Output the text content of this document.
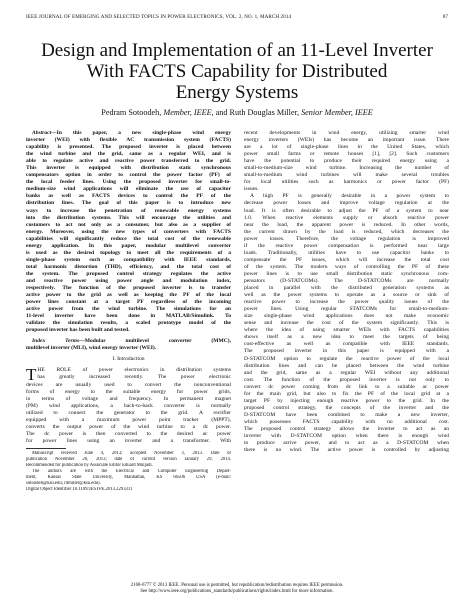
IEEE JOURNAL OF EMERGING AND SELECTED TOPICS IN POWER ELECTRONICS, VOL. 2, NO. 1, MARCH 2014	87
Design and Implementation of an 11-Level Inverter
With FACTS Capability for Distributed
Energy Systems
Pedram Sotoodeh, Member, IEEE, and Ruth Douglas Miller, Senior Member, IEEE
Abstract—In this paper, a new single-phase wind energy
inverter (WEI) with flexible AC transmission system (FACTS)
capability is presented. The proposed inverter is placed between
the wind turbine and the grid, same as a regular WEI, and is
able to regulate active and reactive power transferred to the grid.
This inverter is equipped with distribution static synchronous
compensators option in order to control the power factor (PF) of
the local feeder lines. Using the proposed inverter for small-to-
medium-size wind applications will eliminate the use of capacitor
banks as well as FACTS devices to control the PF of the
distribution lines. The goal of this paper is to introduce new
ways to increase the penetration of renewable energy systems
into the distribution systems. This will encourage the utilities and
customers to act not only as a consumer, but also as a supplier of
energy. Moreover, using the new types of converters with FACTS
capabilities will significantly reduce the total cost of the renewable
energy application. In this paper, modular multilevel converter
is used as the desired topology to meet all the requirements of a
single-phase system such as compatibility with IEEE standards,
total harmonic distortion (THD), efficiency, and the total cost of
the system. The proposed control strategy regulates the active
and reactive power using power angle and modulation index,
respectively. The function of the proposed inverter is to transfer
active power to the grid as well as keeping the PF of the local
power lines constant at a target PF regardless of the incoming
active power from the wind turbine. The simulations for an
11-level inverter have been done in MATLAB/Simulink. To
validate the simulation results, a scaled prototype model of the
proposed inverter has been built and tested.
Index Terms—Modular multilevel converter (MMC),
multilevel inverter (MLI), wind energy inverter (WEI).
I. Introduction
T HE ROLE of power electronics in distribution systems
has greatly increased recently. The power electronic
devices are usually used to convert the nonconventional
forms of energy to the suitable energy for power grids,
in terms of voltage and frequency. In permanent magnet
(PM) wind applications, a back-to-back converter is normally
utilized to connect the generator to the grid. A rectifier
equipped with a maximum power point tracker (MPPT),
converts the output power of the wind turbine to a dc power.
The dc power is then converted to the desired ac power
for power lines using an inverter and a transformer. With
Manuscript received June 4, 2013; accepted November 3, 2013. Date of
publication November 28, 2013; date of current version January 29, 2014.
Recommended for publication by Associate Editor Eduard Muljadi.
The authors are with the Electrical and Computer Engineering Depart-
ment, Kansas State University, Manhattan, KS 66506 USA (e-mail:
sotoodeh@ksu.edu; rdmiller@ksu.edu).
Digital Object Identifier 10.1109/JESTPE.2013.2293311
recent developments in wind energy, utilizing smarter wind
energy inverters (WEIs) has become an important issue. There
are a lot of single-phase lines in the United States, which
power small farms or remote houses [1], [2]. Such customers
have the potential to produce their required energy using a
small-to-medium-size wind turbine. Increasing the number of
small-to-medium wind turbines will make several troubles
for local utilities such as harmonics or power factor (PF)
issues.
A high PF is generally desirable in a power system to
decrease power losses and improve voltage regulation at the
load. It is often desirable to adjust the PF of a system to near
1.0. When reactive elements supply or absorb reactive power
near the load, the apparent power is reduced. In other words,
the current drawn by the load is reduced, which decreases the
power losses. Therefore, the voltage regulation is improved
if the reactive power compensation is performed near large
loads. Traditionally, utilities have to use capacitor banks to
compensate the PF issues, which will increase the total cost
of the system. The modern ways of controlling the PF of these
power lines is to use small distribution static synchronous com-
pensators (D-STATCOMs). The D-STATCOMs are normally
placed in parallel with the distributed generation systems as
well as the power systems to operate as a source or sink of
reactive power to increase the power quality issues of the
power lines. Using regular STATCOMs for small-to-medium-
size single-phase wind applications does not make economic
sense and increase the cost of the system significantly. This is
where the idea of using smarter WEIs with FACTS capabilities
shows itself as a new idea to meet the targets of being
cost-effective as well as compatible with IEEE standards.
The proposed inverter in this paper is equipped with a
D-STATCOM option to regulate the reactive power of the local
distribution lines and can be placed between the wind turbine
and the grid, same as a regular WEI without any additional
cost. The function of the proposed inverter is not only to
convert dc power coming from dc link to a suitable ac power
for the main grid, but also to fix the PF of the local grid at a
target PF by injecting enough reactive power to the grid. In the
proposed control strategy, the concepts of the inverter and the
D-STATCOM have been combined to make a new inverter,
which possesses FACTS capability with no additional cost.
The proposed control strategy allows the inverter to act as an
inverter with D-STATCOM option when there is enough wind
to produce active power, and to act as a D-STATCOM when
there is no wind. The active power is controlled by adjusting
2168-6777 © 2013 IEEE. Personal use is permitted, but republication/redistribution requires IEEE permission.
See http://www.ieee.org/publications_standards/publications/rights/index.html for more information.
